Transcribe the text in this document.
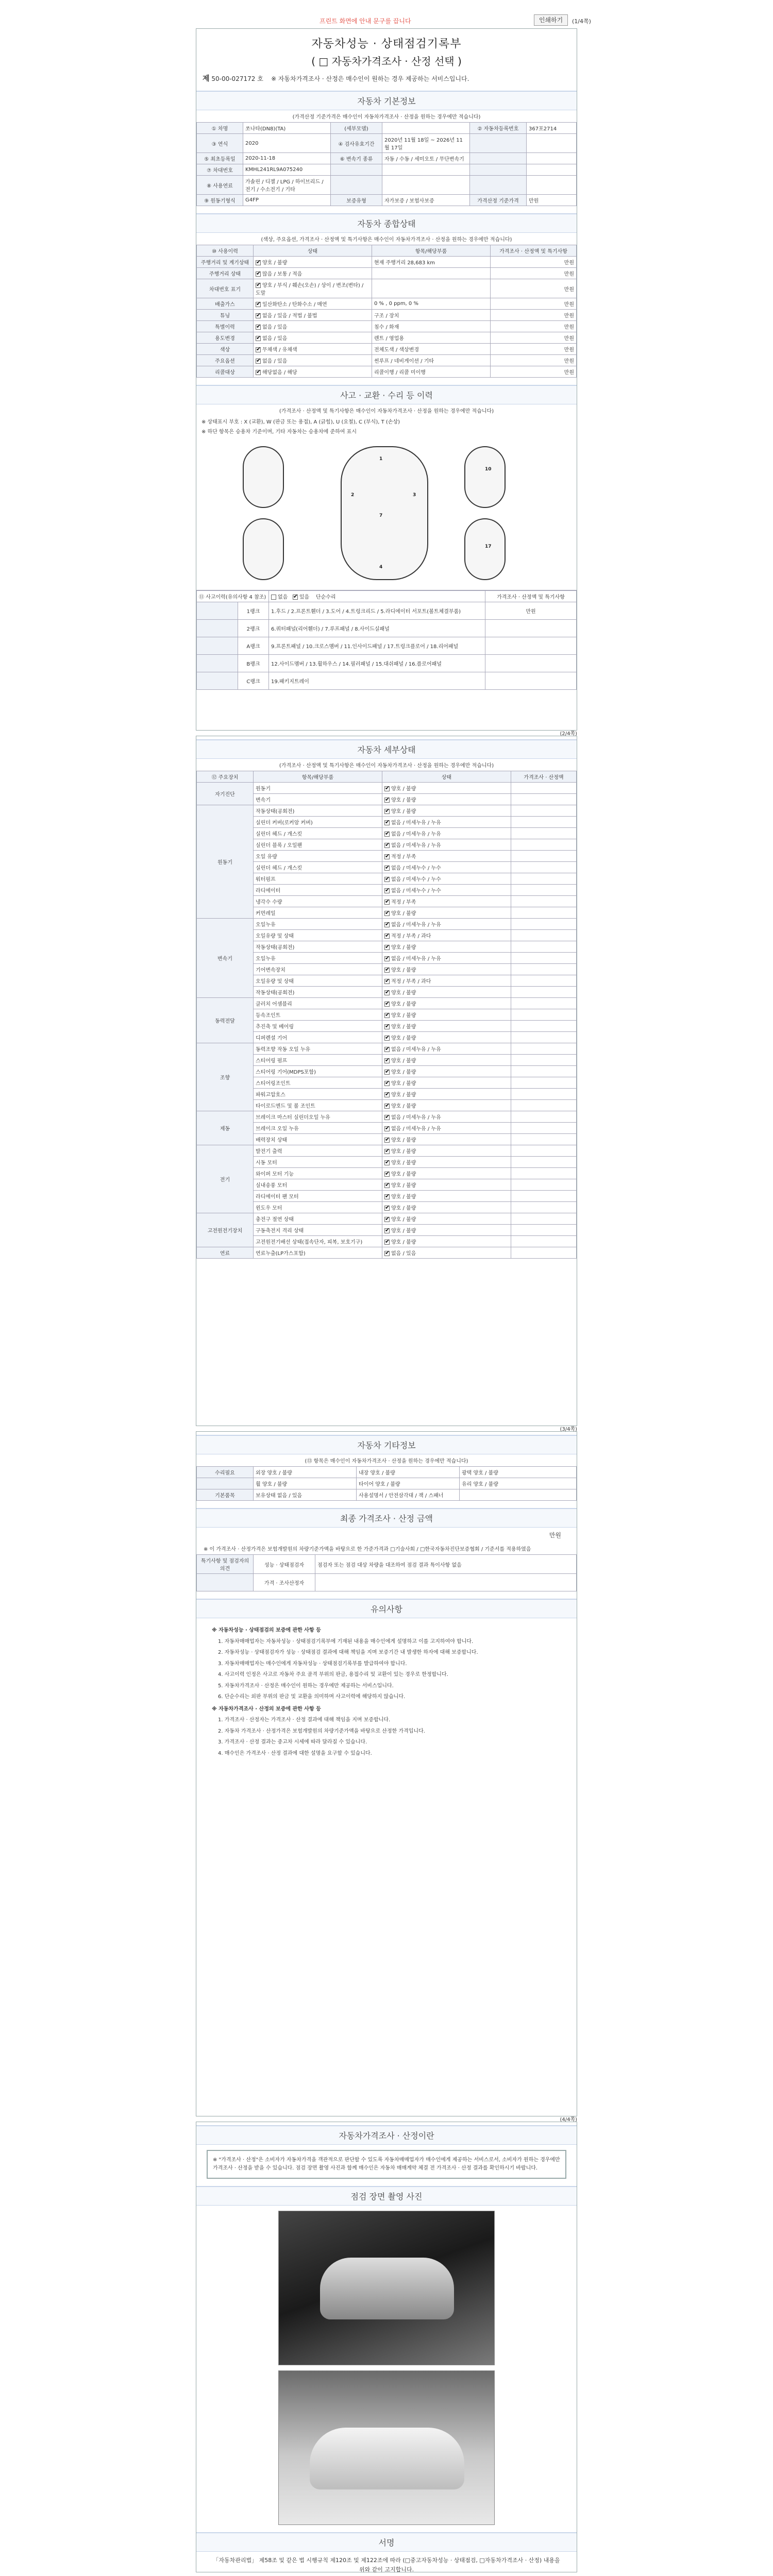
프린트 화면에 안내 문구를 끕니다	인쇄하기	(1/4쪽)
자동차성능 · 상태점검기록부
( □ 자동차가격조사 · 산정 선택 )
제 50-00-027172 호 ※ 자동차가격조사 · 산정은 매수인이 원하는 경우 제공하는 서비스입니다.
자동차 기본정보
(가격산정 기준가격은 매수인이 자동차가격조사 · 산정을 원하는 경우에만 적습니다)
① 차명	쏘나타(DN8)(TA)	(세부모델)		② 자동차등록번호	367포2714
③ 연식	2020	④ 검사유효기간	2020년 11월 18일 ~ 2026년 11월 17일		
⑤ 최초등록일	2020-11-18	⑥ 변속기 종류	자동 / 수동 / 세미오토 / 무단변속기		
⑦ 차대번호	KMHL241RL9A075240				
⑧ 사용연료	가솔린 / 디젤 / LPG / 하이브리드 / 전기 / 수소전기 / 기타				
⑨ 원동기형식	G4FP	보증유형	자가보증 / 보험사보증	가격산정 기준가격	만원
자동차 종합상태
(색상, 주요옵션, 가격조사 · 산정액 및 특기사항은 매수인이 자동차가격조사 · 산정을 원하는 경우에만 적습니다)
⑩ 사용이력	상태	항목/해당부품	가격조사 · 산정액 및 특기사항
주행거리 및 계기상태	✔양호 / 불량	현재 주행거리 28,683 km	만원
주행거리 상태	✔많음 / 보통 / 적음		만원
차대번호 표기	✔양호 / 부식 / 훼손(오손) / 상이 / 변조(변타) / 도말		만원
배출가스	✔일산화탄소 / 탄화수소 / 매연	0 % , 0 ppm, 0 %	만원
튜닝	✔없음 / 있음 / 적법 / 불법	구조 / 장치	만원
특별이력	✔없음 / 있음	침수 / 화재	만원
용도변경	✔없음 / 있음	렌트 / 영업용	만원
색상	✔무채색 / 유채색	전체도색 / 색상변경	만원
주요옵션	✔없음 / 있음	썬루프 / 네비게이션 / 기타	만원
리콜대상	✔해당없음 / 해당	리콜이행 / 리콜 미이행	만원
사고 · 교환 · 수리 등 이력
(가격조사 · 산정액 및 특기사항은 매수인이 자동차가격조사 · 산정을 원하는 경우에만 적습니다)
※ 상태표시 부호 : X (교환), W (판금 또는 용접), A (긁힘), U (요철), C (부식), T (손상)
※ 하단 항목은 승용차 기준이며, 기타 자동차는 승용차에 준하여 표시
1
2	3
4
7
10
17
⑪ 사고이력(유의사항 4 참조)		없음   ✔있음    단순수리	가격조사 · 산정액 및 특기사항
	1랭크	1.후드 / 2.프론트휀더 / 3.도어 / 4.트렁크리드 / 5.라디에이터 서포트(볼트체결부품)	만원
	2랭크	6.쿼터패널(리어휀더) / 7.루프패널 / 8.사이드실패널	
	A랭크	9.프론트패널 / 10.크로스멤버 / 11.인사이드패널 / 17.트렁크플로어 / 18.리어패널	
	B랭크	12.사이드멤버 / 13.휠하우스 / 14.필러패널 / 15.대쉬패널 / 16.플로어패널	
	C랭크	19.패키지트레이	
(2/4쪽)
자동차 세부상태
(가격조사 · 산정액 및 특기사항은 매수인이 자동차가격조사 · 산정을 원하는 경우에만 적습니다)
⑫ 주요장치	항목/해당부품	상태	가격조사 · 산정액
자기진단	원동기	✔양호 / 불량	
	변속기	✔양호 / 불량	
원동기	작동상태(공회전)	✔양호 / 불량	
	실린더 커버(로커암 커버)	✔없음 / 미세누유 / 누유	
	실린더 헤드 / 개스킷	✔없음 / 미세누유 / 누유	
	실린더 블록 / 오일팬	✔없음 / 미세누유 / 누유	
	오일 유량	✔적정 / 부족	
	실린더 헤드 / 개스킷	✔없음 / 미세누수 / 누수	
	워터펌프	✔없음 / 미세누수 / 누수	
	라디에이터	✔없음 / 미세누수 / 누수	
	냉각수 수량	✔적정 / 부족	
	커먼레일	✔양호 / 불량	
변속기	오일누유	✔없음 / 미세누유 / 누유	
	오일유량 및 상태	✔적정 / 부족 / 과다	
	작동상태(공회전)	✔양호 / 불량	
	오일누유	✔없음 / 미세누유 / 누유	
	기어변속장치	✔양호 / 불량	
	오일유량 및 상태	✔적정 / 부족 / 과다	
	작동상태(공회전)	✔양호 / 불량	
동력전달	클러치 어셈블리	✔양호 / 불량	
	등속조인트	✔양호 / 불량	
	추진축 및 베어링	✔양호 / 불량	
	디퍼렌셜 기어	✔양호 / 불량	
조향	동력조향 작동 오일 누유	✔없음 / 미세누유 / 누유	
	스티어링 펌프	✔양호 / 불량	
	스티어링 기어(MDPS포함)	✔양호 / 불량	
	스티어링조인트	✔양호 / 불량	
	파워고압호스	✔양호 / 불량	
	타이로드엔드 및 볼 조인트	✔양호 / 불량	
제동	브레이크 마스터 실린더오일 누유	✔없음 / 미세누유 / 누유	
	브레이크 오일 누유	✔없음 / 미세누유 / 누유	
	배력장치 상태	✔양호 / 불량	
전기	발전기 출력	✔양호 / 불량	
	시동 모터	✔양호 / 불량	
	와이퍼 모터 기능	✔양호 / 불량	
	실내송풍 모터	✔양호 / 불량	
	라디에이터 팬 모터	✔양호 / 불량	
	윈도우 모터	✔양호 / 불량	
고전원전기장치	충전구 절연 상태	✔양호 / 불량	
	구동축전지 격리 상태	✔양호 / 불량	
	고전원전기배선 상태(접속단자, 피복, 보호기구)	✔양호 / 불량	
연료	연료누출(LP가스포함)	✔없음 / 있음	
(3/4쪽)
자동차 기타정보
(⑬ 항목은 매수인이 자동차가격조사 · 산정을 원하는 경우에만 적습니다)
수리필요	외장 양호 / 불량	내장 양호 / 불량	광택 양호 / 불량
	휠 양호 / 불량	타이어 양호 / 불량	유리 양호 / 불량
기본품목	보유상태 없음 / 있음	사용설명서 / 안전삼각대 / 잭 / 스패너	
최종 가격조사 · 산정 금액
만원
※ 이 가격조사 · 산정가격은 보험개발원의 차량기준가액을 바탕으로 한 가준가격과 □기술사회 / □한국자동차진단보증협회 / 기준서를 적용하였음
특기사항 및 점검자의 의견	성능 · 상태점검자	점검자 또는 점검 대상 차량을 대조하여 점검 결과 특이사항 없음
	가격 · 조사산정자	
유의사항
※ 자동차성능 · 상태점검의 보증에 관한 사항 등
1. 자동차매매업자는 자동차성능 · 상태점검기록부에 기재된 내용을 매수인에게 설명하고 이를 고지하여야 합니다.
2. 자동차성능 · 상태점검자가 성능 · 상태점검 결과에 대해 책임을 지며 보증기간 내 발생한 하자에 대해 보증합니다.
3. 자동차매매업자는 매수인에게 자동차성능 · 상태점검기록부를 발급하여야 합니다.
4. 사고이력 인정은 사고로 자동차 주요 골격 부위의 판금, 용접수리 및 교환이 있는 경우로 한정합니다.
5. 자동차가격조사 · 산정은 매수인이 원하는 경우에만 제공하는 서비스입니다.
6. 단순수리는 외판 부위의 판금 및 교환을 의미하며 사고이력에 해당하지 않습니다.
※ 자동차가격조사 · 산정의 보증에 관한 사항 등
1. 가격조사 · 산정자는 가격조사 · 산정 결과에 대해 책임을 지며 보증합니다.
2. 자동차 가격조사 · 산정가격은 보험개발원의 차량기준가액을 바탕으로 산정한 가격입니다.
3. 가격조사 · 산정 결과는 중고차 시세에 따라 달라질 수 있습니다.
4. 매수인은 가격조사 · 산정 결과에 대한 설명을 요구할 수 있습니다.
(4/4쪽)
자동차가격조사 · 산정이란
※ "가격조사 · 산정"은 소비자가 자동차가격을 객관적으로 판단할 수 있도록 자동차매매업자가 매수인에게 제공하는 서비스로서, 소비자가 원하는 경우에만 가격조사 · 산정을 받을 수 있습니다. 점검 장면 촬영 사진과 함께 매수인은 자동차 매매계약 체결 전 가격조사 · 산정 결과를 확인하시기 바랍니다.
점검 장면 촬영 사진
서명
「자동차관리법」 제58조 및 같은 법 시행규칙 제120조 및 제122조에 따라 (□중고자동차성능 · 상태점검, □자동차가격조사 · 산정) 내용을 위와 같이 고지합니다.
